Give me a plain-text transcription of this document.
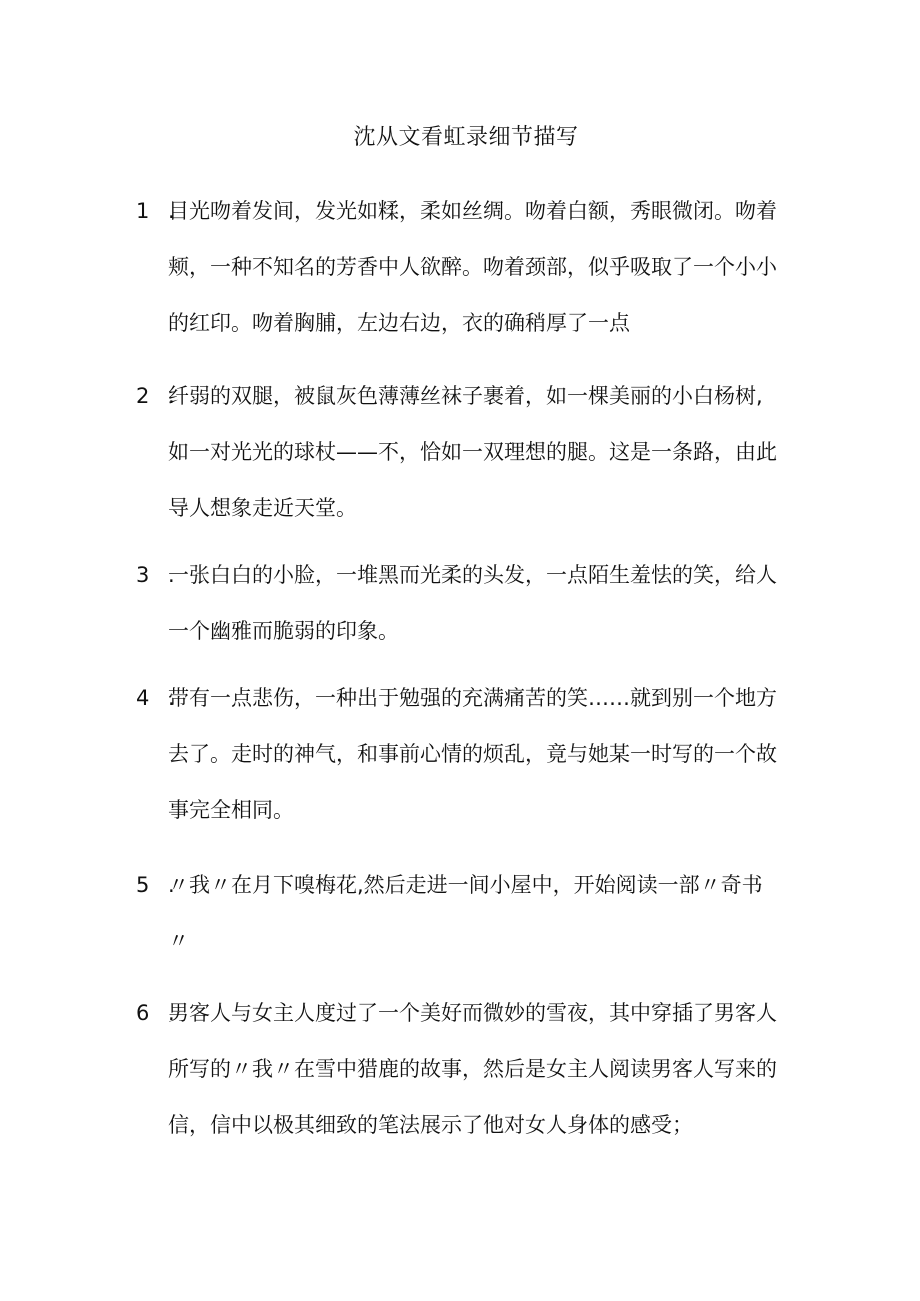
沈从文看虹录细节描写
1 .
目光吻着发间，发光如糅，柔如丝绸。吻着白额，秀眼微闭。吻着颊，一种不知名的芳香中人欲醉。吻着颈部，似乎吸取了一个小小的红印。吻着胸脯，左边右边，衣的确稍厚了一点
2 .
纤弱的双腿，被鼠灰色薄薄丝袜子裹着，如一棵美丽的小白杨树,如一对光光的球杖——不，恰如一双理想的腿。这是一条路，由此导人想象走近天堂。
3 .
一张白白的小脸，一堆黑而光柔的头发，一点陌生羞怯的笑，给人一个幽雅而脆弱的印象。
4 .
带有一点悲伤，一种出于勉强的充满痛苦的笑……就到别一个地方去了。走时的神气，和事前心情的烦乱，竟与她某一时写的一个故事完全相同。
5 .
〃我〃在月下嗅梅花,然后走进一间小屋中，开始阅读一部〃奇书〃
6 .
男客人与女主人度过了一个美好而微妙的雪夜，其中穿插了男客人所写的〃我〃在雪中猎鹿的故事，然后是女主人阅读男客人写来的信，信中以极其细致的笔法展示了他对女人身体的感受；
